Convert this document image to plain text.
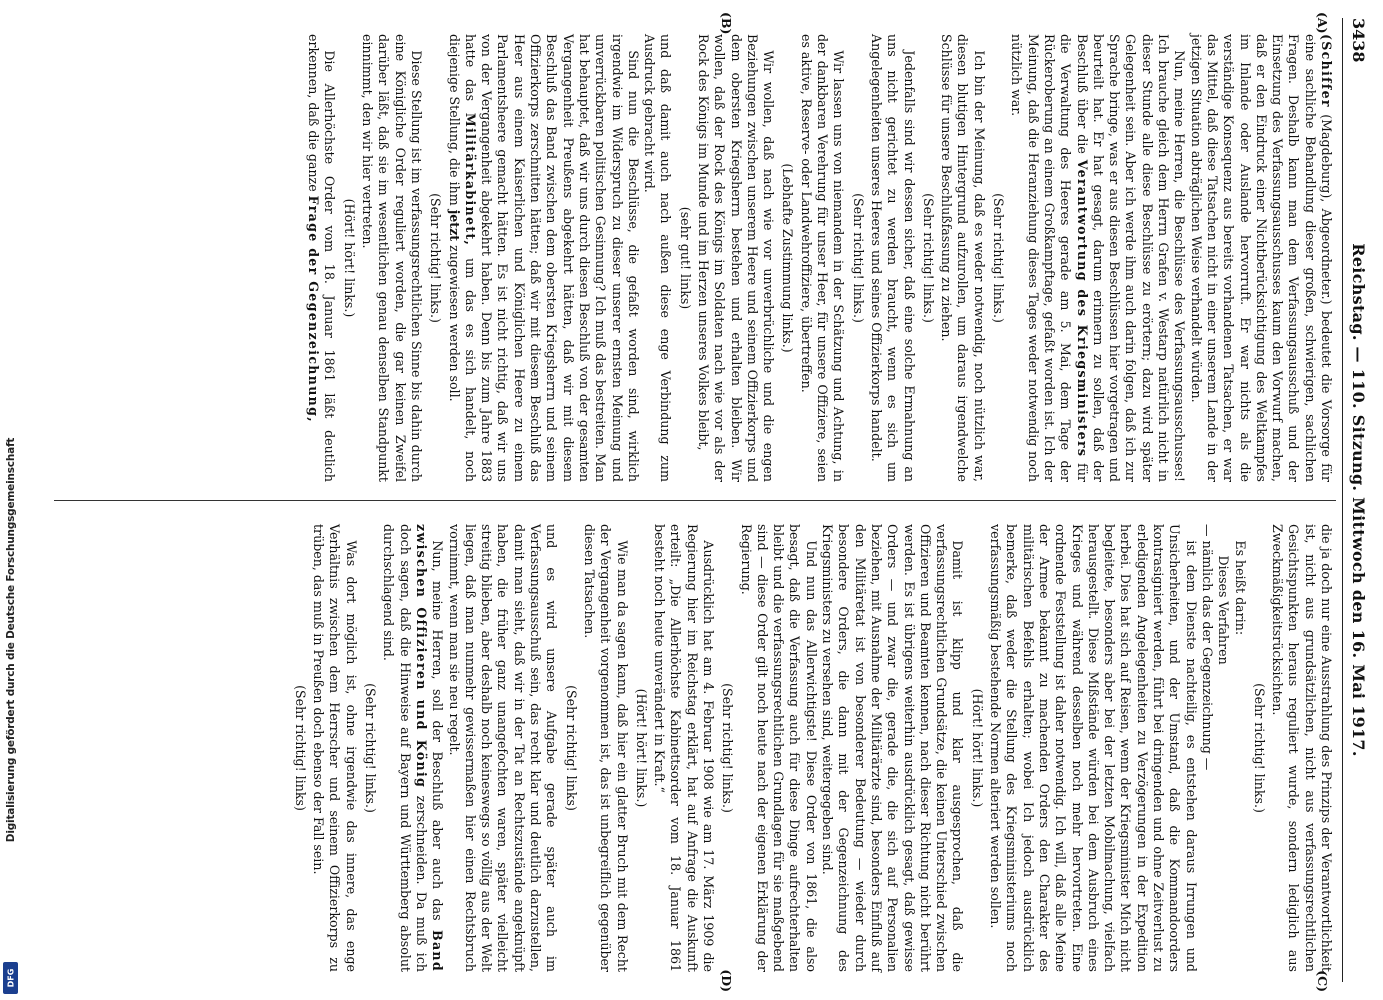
Digitalisierung gefördert durch die Deutsche Forschungsgemeinschaft
DFG
3438
Reichstag. — 110. Sitzung. Mittwoch den 16. Mai 1917.
(A)
(B)
(C)
(D)

(Schiffer (Magdeburg), Abgeordneter.) bedeutet die Vorsorge für eine sachliche Behandlung dieser großen, schwierigen, sachlichen Fragen. Deshalb kann man dem Verfassungsausschuß und der Einsetzung des Verfassungsausschusses kaum den Vorwurf machen, daß er den Eindruck einer Nichtberücksichtigung des Weltkampfes im Inlande oder Auslande hervorruft. Er war nichts als die verständige Konsequenz aus bereits vorhandenen Tatsachen, er war das Mittel, daß diese Tatsachen nicht in einer unserem Lande in der jetzigen Situation abträglichen Weise verhandelt würden.

Nun, meine Herren, die Beschlüsse des Verfassungsausschusses! Ich brauche gleich dem Herrn Grafen v. Westarp natürlich nicht in dieser Stunde alle diese Beschlüsse zu erörtern; dazu wird später Gelegenheit sein. Aber ich werde ihm auch darin folgen, daß ich zur Sprache bringe, was er aus diesen Beschlüssen hier vorgetragen und beurteilt hat. Er hat gesagt, darum erinnern zu sollen, daß der Beschluß über die Verantwortung des Kriegsministers für die Verwaltung des Heeres gerade am 5. Mai, dem Tage der Rückeroberung an einem Großkampftage, gefaßt worden ist. Ich der Meinung, daß die Heranziehung dieses Tages weder notwendig noch nützlich war.

(Sehr richtig! links.)

Ich bin der Meinung, daß es weder notwendig, noch nützlich war, diesen blutigen Hintergrund aufzurollen, um daraus irgendwelche Schlüsse für unsere Beschlußfassung zu ziehen.

(Sehr richtig! links.)

Jedenfalls sind wir dessen sicher, daß eine solche Ermahnung an uns nicht gerichtet zu werden braucht, wenn es sich um Angelegenheiten unseres Heeres und seines Offizierkorps handelt.

(Sehr richtig! links.)

Wir lassen uns von niemandem in der Schätzung und Achtung, in der dankbaren Verehrung für unser Heer, für unsere Offiziere, seien es aktive, Reserve- oder Landwehroffiziere, übertreffen.

(Lebhafte Zustimmung links.)

Wir wollen, daß nach wie vor unverbrüchliche und die engen Beziehungen zwischen unserem Heere und seinem Offizierkorps und dem obersten Kriegsherrn bestehen und erhalten bleiben. Wir wollen, daß der Rock des Königs im Soldaten nach wie vor als der Rock des Königs im Munde und im Herzen unseres Volkes bleibt,

(sehr gut! links)

und daß damit auch nach außen diese enge Verbindung zum Ausdruck gebracht wird.

Sind nun die Beschlüsse, die gefaßt worden sind, wirklich irgendwie im Widerspruch zu dieser unserer ernsten Meinung und unverrückbaren politischen Gesinnung? Ich muß das bestreiten. Man hat behauptet, daß wir uns durch diesen Beschluß von der gesamten Vergangenheit Preußens abgekehrt hätten, daß wir mit diesem Beschluß das Band zwischen dem obersten Kriegsherrn und seinem Offizierkorps zerschnitten hätten; daß wir mit diesem Beschluß das Heer aus einem Kaiserlichen und Königlichen Heere zu einem Parlamentsheere gemacht hätten. Es ist nicht richtig, daß wir uns von der Vergangenheit abgekehrt haben. Denn bis zum Jahre 1883 hatte das Militärkabinett, um das es sich handelt, noch diejenige Stellung, die ihm jetzt zugewiesen werden soll.

(Sehr richtig! links.)

Diese Stellung ist im verfassungsrechtlichen Sinne bis dahin durch eine Königliche Order reguliert worden, die gar keinen Zweifel darüber läßt, daß sie im wesentlichen genau denselben Standpunkt einnimmt, den wir hier vertreten.

(Hört! hört! links.)

Die Allerhöchste Order vom 18. Januar 1861 läßt deutlich erkennen, daß die ganze Frage der Gegenzeichnung,

die ja doch nur eine Ausstrahlung des Prinzips der Verantwortlichkeit ist, nicht aus grundsätzlichen, nicht aus verfassungsrechtlichen Gesichtspunkten heraus reguliert wurde, sondern lediglich aus Zweckmäßigkeitsrücksichten.

(Sehr richtig! links.)

Es heißt darin:

Dieses Verfahren

— nämlich das der Gegenzeichnung —

ist dem Dienste nachteilig, es entstehen daraus Irrungen und Unsicherheiten, und der Umstand, daß die Kommandoorders kontrasigniert werden, führt bei dringenden und ohne Zeitverlust zu erledigenden Angelegenheiten zu Verzögerungen in der Expedition herbei. Dies hat sich auf Reisen, wenn der Kriegsminister Mich nicht begleitete, besonders aber bei der letzten Mobilmachung, vielfach herausgestellt. Diese Mißstände würden bei dem Ausbruch eines Krieges und während desselben noch mehr hervortreten. Eine ordnende Feststellung ist daher notwendig. Ich will, daß alle Meine der Armee bekannt zu machenden Orders den Charakter des militärischen Befehls erhalten; wobei Ich jedoch ausdrücklich bemerke, daß weder die Stellung des Kriegsministeriums noch verfassungsmäßig bestehende Normen alteriert werden sollen.

(Hört! hört! links.)

Damit ist klipp und klar ausgesprochen, daß die verfassungsrechtlichen Grundsätze, die keinen Unterschied zwischen Offizieren und Beamten kennen, nach dieser Richtung nicht berührt werden. Es ist übrigens weiterhin ausdrücklich gesagt, daß gewisse Orders — und zwar die, gerade die, die sich auf Personalien beziehen, mit Ausnahme der Militärärzte sind, besonders Einfluß auf den Militäretat ist von besonderer Bedeutung — wieder durch besondere Orders, die dann mit der Gegenzeichnung des Kriegsministers zu versehen sind, weitergegeben sind.

Und nun das Allerwichtigste! Diese Order von 1861, die also besagt, daß die Verfassung auch für diese Dinge aufrechterhalten bleibt und die verfassungsrechtlichen Grundlagen für sie maßgebend sind — diese Order gilt noch heute nach der eigenen Erklärung der Regierung.

(Sehr richtig! links.)

Ausdrücklich hat am 4. Februar 1908 wie am 17. März 1909 die Regierung hier im Reichstag erklärt, hat auf Anfrage die Auskunft erteilt: „Die Allerhöchste Kabinettsorder vom 18. Januar 1861 besteht noch heute unverändert in Kraft.“

(Hört! hört! links.)

Wie man da sagen kann, daß hier ein glatter Bruch mit dem Recht der Vergangenheit vorgenommen ist, das ist unbegreiflich gegenüber diesen Tatsachen.

(Sehr richtig! links)

und es wird unsere Aufgabe gerade später auch im Verfassungsausschuß sein, das recht klar und deutlich darzustellen, damit man sieht, daß wir in der Tat an Rechtszustände angeknüpft haben, die früher ganz unangefochten waren, später vielleicht streitig blieben, aber deshalb noch keineswegs so völlig aus der Welt liegen, daß man nunmehr gewissermaßen hier einen Rechtsbruch vornimmt, wenn man sie neu regelt.

Nun, meine Herren, soll der Beschluß aber auch das Band zwischen Offizieren und König zerschneiden. Da muß ich doch sagen, daß die Hinweise auf Bayern und Württemberg absolut durchschlagend sind.

(Sehr richtig! links.)

Was dort möglich ist, ohne irgendwie das innere, das enge Verhältnis zwischen dem Herrscher und seinem Offizierkorps zu trüben, das muß in Preußen doch ebenso der Fall sein.

(Sehr richtig! links)
